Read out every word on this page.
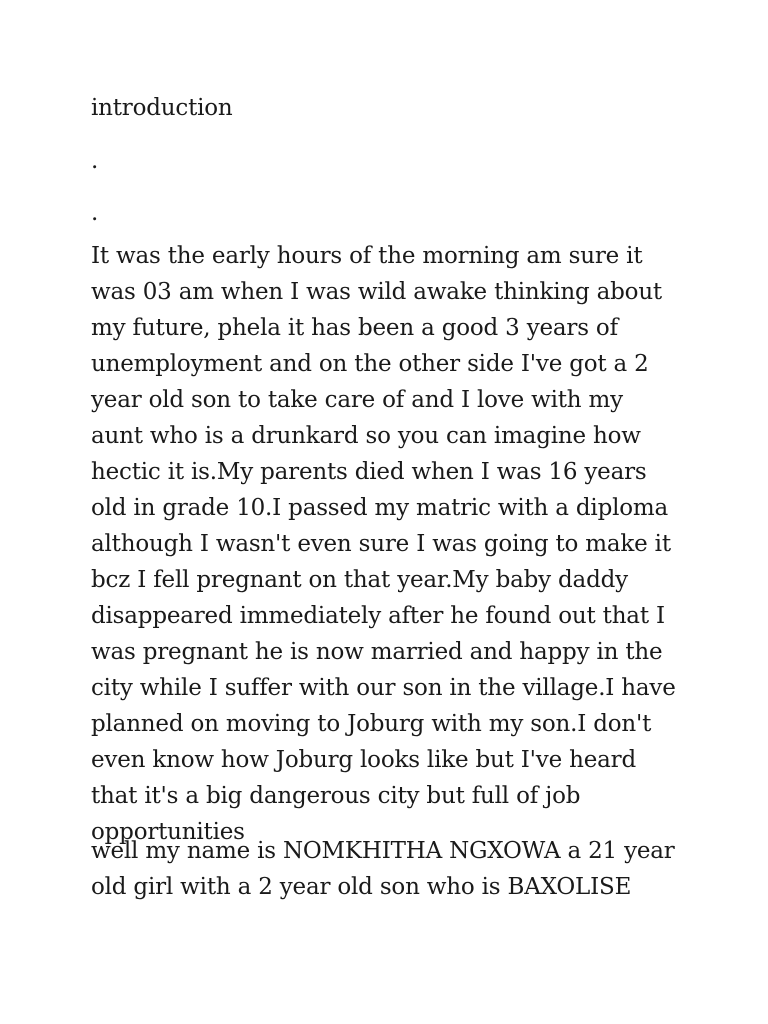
introduction

.

.

It was the early hours of the morning am sure it was 03 am when I was wild awake thinking about my future, phela it has been a good 3 years of unemployment and on the other side I've got a 2 year old son to take care of and I love with my aunt who is a drunkard so you can imagine how hectic it is.My parents died when I was 16 years old in grade 10.I passed my matric with a diploma although I wasn't even sure I was going to make it bcz I fell pregnant on that year.My baby daddy disappeared immediately after he found out that I was pregnant he is now married and happy in the city while I suffer with our son in the village.I have planned on moving to Joburg with my son.I don't even know how Joburg looks like but I've heard that it's a big dangerous city but full of job opportunities

well my name is NOMKHITHA NGXOWA a 21 year old girl with a 2 year old son who is BAXOLISE
